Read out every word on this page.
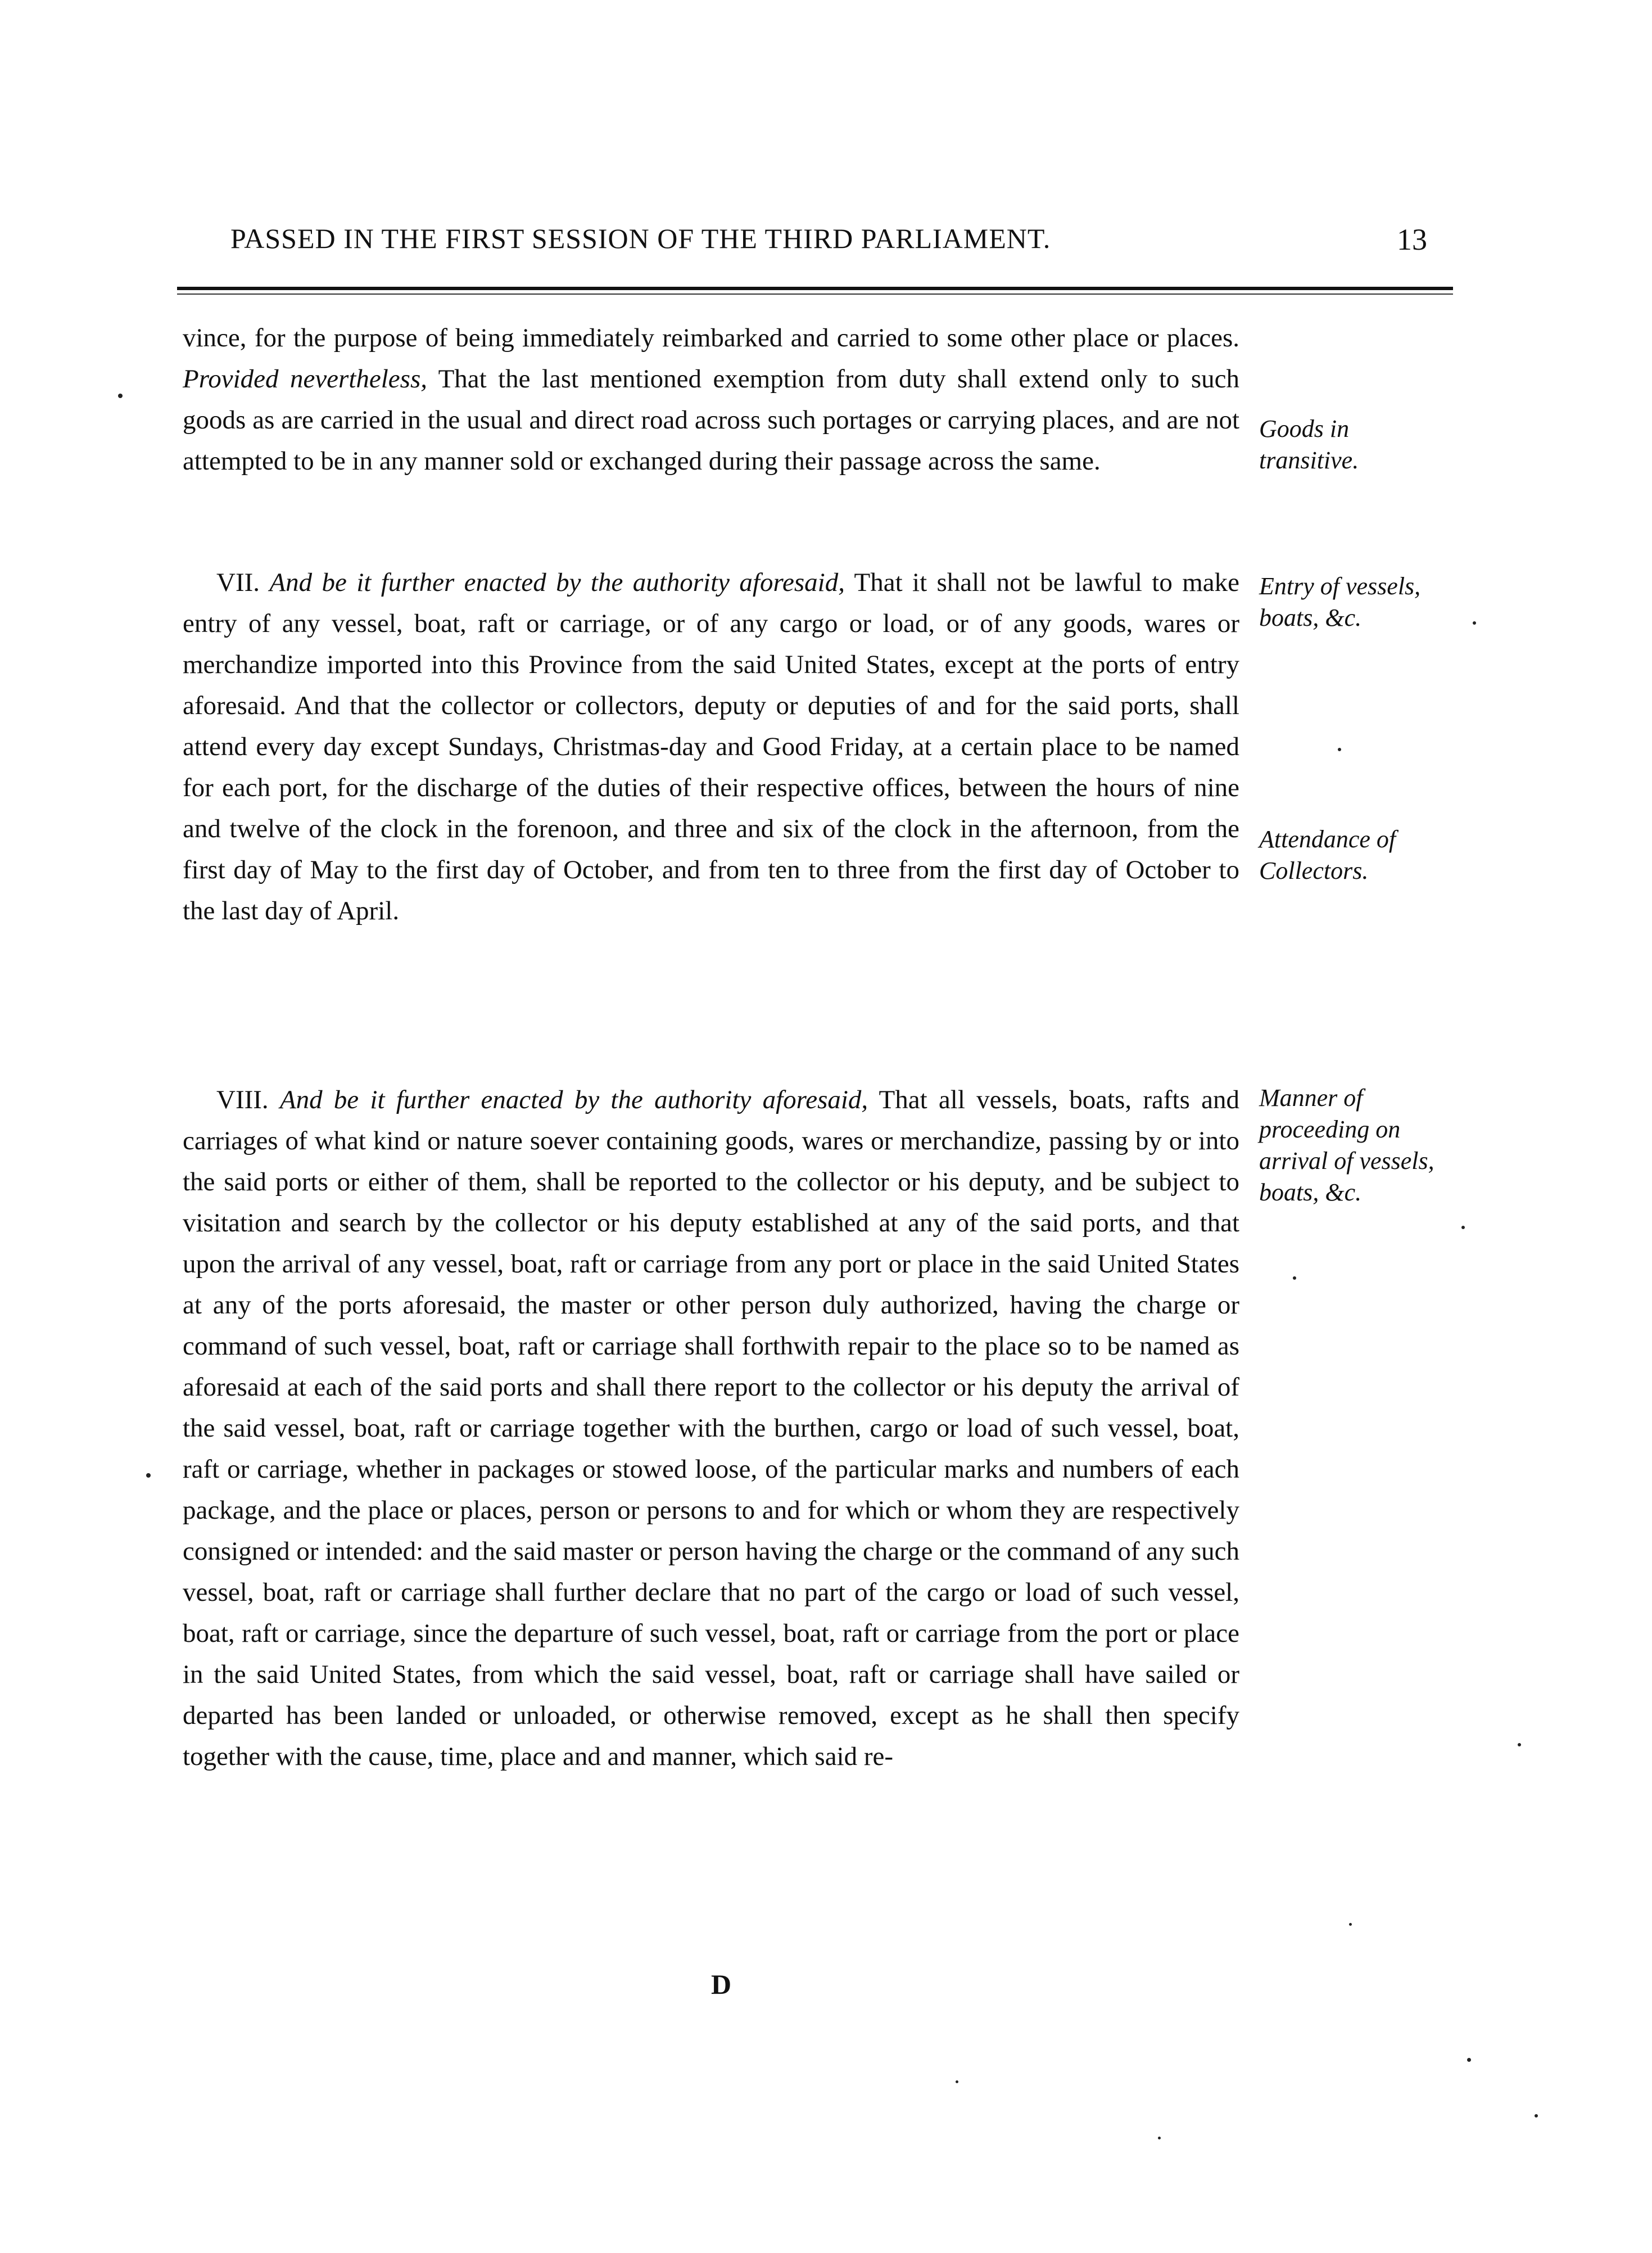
PASSED IN THE FIRST SESSION OF THE THIRD PARLIAMENT.	13

vince, for the purpose of being immediately reimbarked and carried to some other place or places. Provided nevertheless, That the last mentioned exemption from duty shall extend only to such goods as are carried in the usual and direct road across such portages or carrying places, and are not attempted to be in any manner sold or exchanged during their passage across the same.

VII. And be it further enacted by the authority aforesaid, That it shall not be lawful to make entry of any vessel, boat, raft or carriage, or of any cargo or load, or of any goods, wares or merchandize imported into this Province from the said United States, except at the ports of entry aforesaid. And that the collector or collectors, deputy or deputies of and for the said ports, shall attend every day except Sundays, Christmas-day and Good Friday, at a certain place to be named for each port, for the discharge of the duties of their respective offices, between the hours of nine and twelve of the clock in the forenoon, and three and six of the clock in the afternoon, from the first day of May to the first day of October, and from ten to three from the first day of October to the last day of April.

VIII. And be it further enacted by the authority aforesaid, That all vessels, boats, rafts and carriages of what kind or nature soever containing goods, wares or merchandize, passing by or into the said ports or either of them, shall be reported to the collector or his deputy, and be subject to visitation and search by the collector or his deputy established at any of the said ports, and that upon the arrival of any vessel, boat, raft or carriage from any port or place in the said United States at any of the ports aforesaid, the master or other person duly authorized, having the charge or command of such vessel, boat, raft or carriage shall forthwith repair to the place so to be named as aforesaid at each of the said ports and shall there report to the collector or his deputy the arrival of the said vessel, boat, raft or carriage together with the burthen, cargo or load of such vessel, boat, raft or carriage, whether in packages or stowed loose, of the particular marks and numbers of each package, and the place or places, person or persons to and for which or whom they are respectively consigned or intended: and the said master or person having the charge or the command of any such vessel, boat, raft or carriage shall further declare that no part of the cargo or load of such vessel, boat, raft or carriage, since the departure of such vessel, boat, raft or carriage from the port or place in the said United States, from which the said vessel, boat, raft or carriage shall have sailed or departed has been landed or unloaded, or otherwise removed, except as he shall then specify together with the cause, time, place and and manner, which said re-

Goods in transitive.
Entry of vessels, boats, &c.
Attendance of Collectors.
Manner of proceeding on arrival of vessels, boats, &c.
D
